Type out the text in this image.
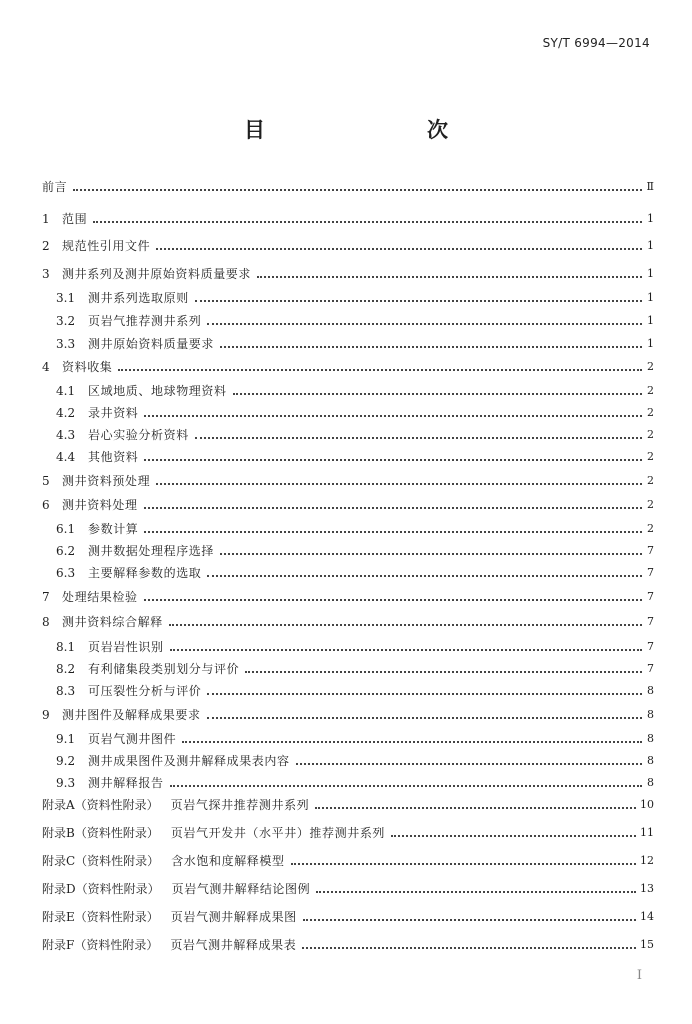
SY/T 6994—2014
目　　次
前言	Ⅱ
1	范围	1
2	规范性引用文件	1
3	测井系列及测井原始资料质量要求	1
3.1	测井系列选取原则	1
3.2	页岩气推荐测井系列	1
3.3	测井原始资料质量要求	1
4	资料收集	2
4.1	区域地质、地球物理资料	2
4.2	录井资料	2
4.3	岩心实验分析资料	2
4.4	其他资料	2
5	测井资料预处理	2
6	测井资料处理	2
6.1	参数计算	2
6.2	测井数据处理程序选择	7
6.3	主要解释参数的选取	7
7	处理结果检验	7
8	测井资料综合解释	7
8.1	页岩岩性识别	7
8.2	有利储集段类别划分与评价	7
8.3	可压裂性分析与评价	8
9	测井图件及解释成果要求	8
9.1	页岩气测井图件	8
9.2	测井成果图件及测井解释成果表内容	8
9.3	测井解释报告	8
附录A（资料性附录）	页岩气探井推荐测井系列	10
附录B（资料性附录）	页岩气开发井（水平井）推荐测井系列	11
附录C（资料性附录）	含水饱和度解释模型	12
附录D（资料性附录）	页岩气测井解释结论图例	13
附录E（资料性附录）	页岩气测井解释成果图	14
附录F（资料性附录）	页岩气测井解释成果表	15
I
